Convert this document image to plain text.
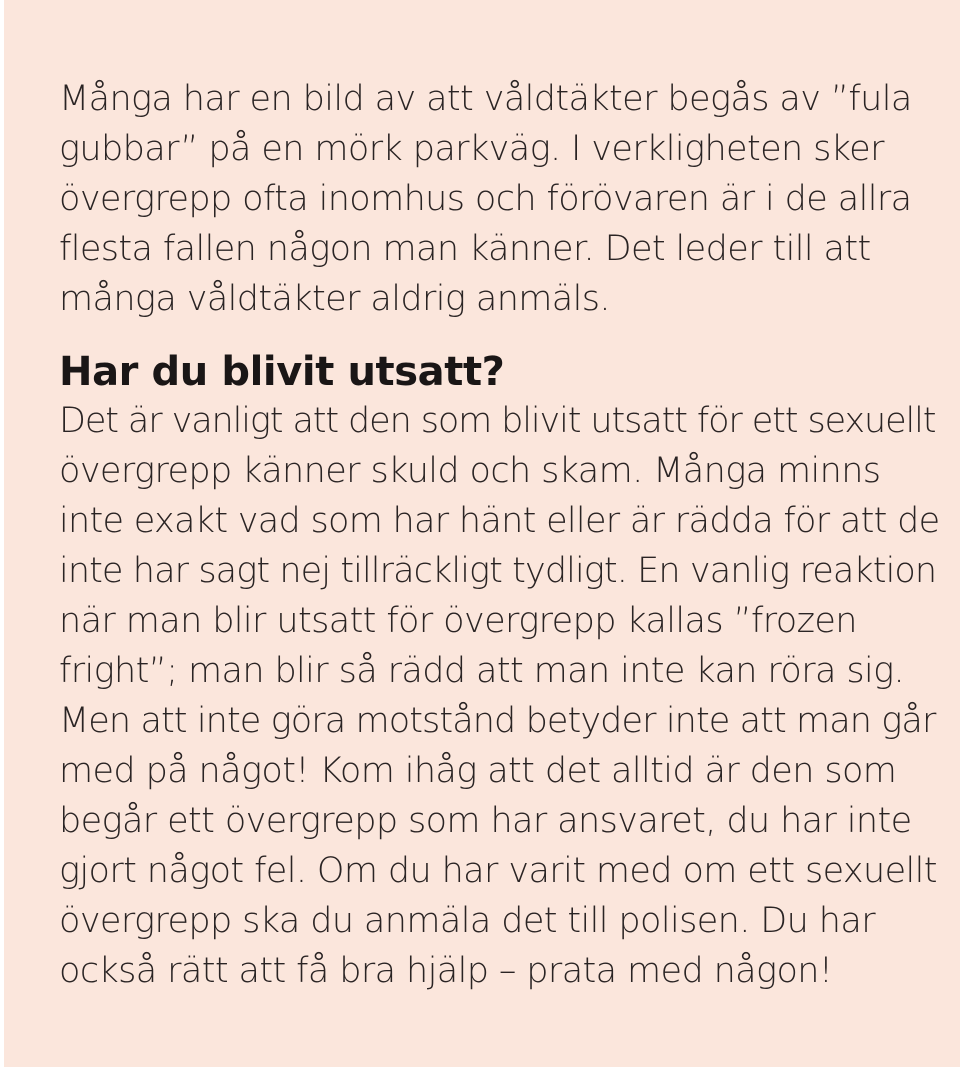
Många har en bild av att våldtäkter begås av ”fula
gubbar” på en mörk parkväg. I verkligheten sker
övergrepp ofta inomhus och förövaren är i de allra
flesta fallen någon man känner. Det leder till att
många våldtäkter aldrig anmäls.
Har du blivit utsatt?
Det är vanligt att den som blivit utsatt för ett sexuellt
övergrepp känner skuld och skam. Många minns
inte exakt vad som har hänt eller är rädda för att de
inte har sagt nej tillräckligt tydligt. En vanlig reaktion
när man blir utsatt för övergrepp kallas ”frozen
fright”; man blir så rädd att man inte kan röra sig.
Men att inte göra motstånd betyder inte att man går
med på något! Kom ihåg att det alltid är den som
begår ett övergrepp som har ansvaret, du har inte
gjort något fel. Om du har varit med om ett sexuellt
övergrepp ska du anmäla det till polisen. Du har
också rätt att få bra hjälp – prata med någon!
